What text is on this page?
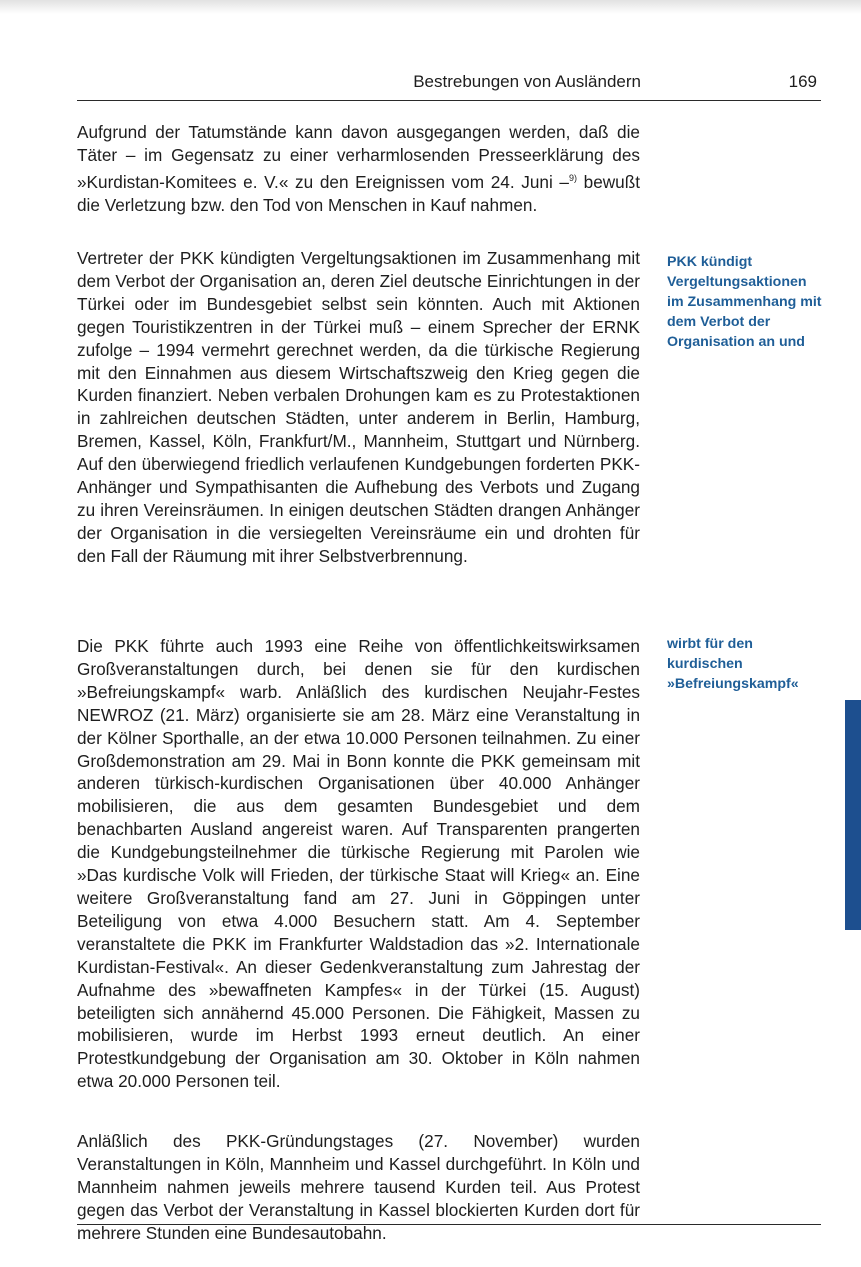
Bestrebungen von Ausländern	169

Aufgrund der Tatumstände kann davon ausgegangen werden, daß die Täter – im Gegensatz zu einer verharmlosenden Presseerklärung des »Kurdistan-Komitees e. V.« zu den Ereignissen vom 24. Juni –$^{9)}$ bewußt die Verletzung bzw. den Tod von Menschen in Kauf nahmen.

Vertreter der PKK kündigten Vergeltungsaktionen im Zusammenhang mit dem Verbot der Organisation an, deren Ziel deutsche Einrichtungen in der Türkei oder im Bundesgebiet selbst sein könnten. Auch mit Aktionen gegen Touristikzentren in der Türkei muß – einem Sprecher der ERNK zufolge – 1994 vermehrt gerechnet werden, da die türkische Regierung mit den Einnahmen aus diesem Wirtschaftszweig den Krieg gegen die Kurden finanziert. Neben verbalen Drohungen kam es zu Protestaktionen in zahlreichen deutschen Städten, unter anderem in Berlin, Hamburg, Bremen, Kassel, Köln, Frankfurt/M., Mannheim, Stuttgart und Nürnberg. Auf den überwiegend friedlich verlaufenen Kundgebungen forderten PKK-Anhänger und Sympathisanten die Aufhebung des Verbots und Zugang zu ihren Vereinsräumen. In einigen deutschen Städten drangen Anhänger der Organisation in die versiegelten Vereinsräume ein und drohten für den Fall der Räumung mit ihrer Selbstverbrennung.

Die PKK führte auch 1993 eine Reihe von öffentlichkeitswirksamen Großveranstaltungen durch, bei denen sie für den kurdischen »Befreiungskampf« warb. Anläßlich des kurdischen Neujahr-Festes NEWROZ (21. März) organisierte sie am 28. März eine Veranstaltung in der Kölner Sporthalle, an der etwa 10.000 Personen teilnahmen. Zu einer Großdemonstration am 29. Mai in Bonn konnte die PKK gemeinsam mit anderen türkisch-kurdischen Organisationen über 40.000 Anhänger mobilisieren, die aus dem gesamten Bundesgebiet und dem benachbarten Ausland angereist waren. Auf Transparenten prangerten die Kundgebungsteilnehmer die türkische Regierung mit Parolen wie »Das kurdische Volk will Frieden, der türkische Staat will Krieg« an. Eine weitere Großveranstaltung fand am 27. Juni in Göppingen unter Beteiligung von etwa 4.000 Besuchern statt. Am 4. September veranstaltete die PKK im Frankfurter Waldstadion das »2. Internationale Kurdistan-Festival«. An dieser Gedenkveranstaltung zum Jahrestag der Aufnahme des »bewaffneten Kampfes« in der Türkei (15. August) beteiligten sich annähernd 45.000 Personen. Die Fähigkeit, Massen zu mobilisieren, wurde im Herbst 1993 erneut deutlich. An einer Protestkundgebung der Organisation am 30. Oktober in Köln nahmen etwa 20.000 Personen teil.

Anläßlich des PKK-Gründungstages (27. November) wurden Veranstaltungen in Köln, Mannheim und Kassel durchgeführt. In Köln und Mannheim nahmen jeweils mehrere tausend Kurden teil. Aus Protest gegen das Verbot der Veranstaltung in Kassel blockierten Kurden dort für mehrere Stunden eine Bundesautobahn.

PKK kündigt Vergeltungsaktionen im Zusammenhang mit dem Verbot der Organisation an und

wirbt für den kurdischen »Befreiungskampf«
